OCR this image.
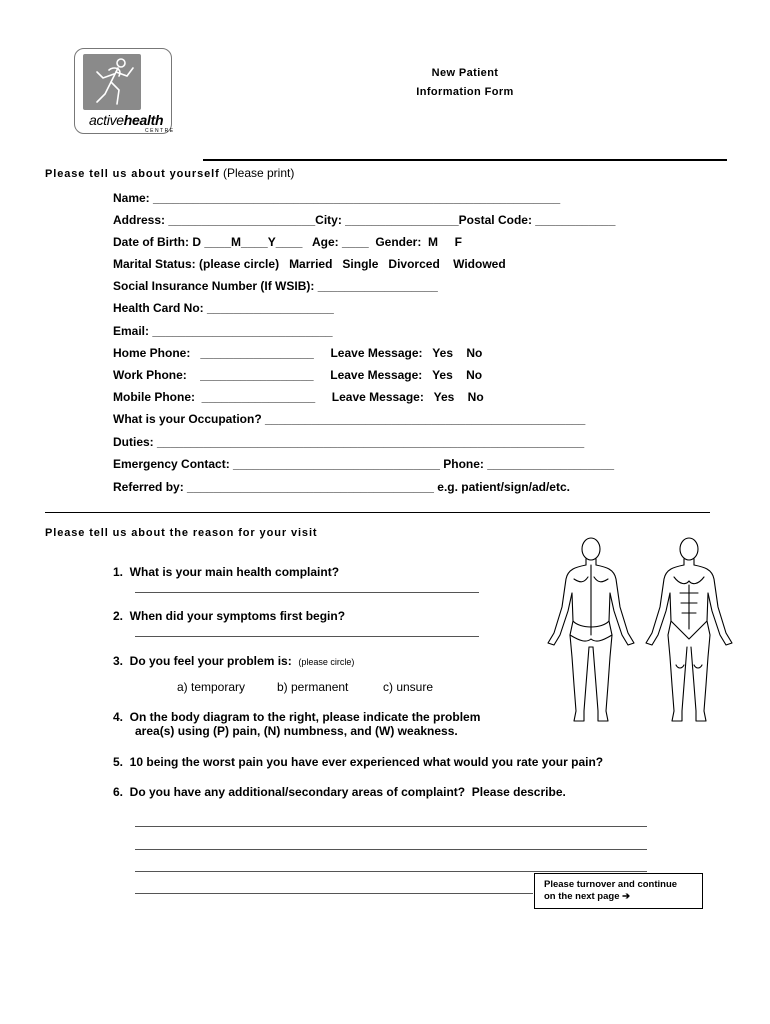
activehealth
CENTRE
New Patient
Information Form
Please tell us about yourself (Please print)
Name: _____________________________________________________________
Address: ______________________City: _________________Postal Code: ____________
Date of Birth: D ____M____Y____   Age: ____  Gender:  M     F
Marital Status: (please circle)   Married   Single   Divorced    Widowed
Social Insurance Number (If WSIB): __________________
Health Card No: ___________________
Email: ___________________________
Home Phone:   _________________     Leave Message:   Yes    No
Work Phone:    _________________     Leave Message:   Yes    No
Mobile Phone:  _________________     Leave Message:   Yes    No
What is your Occupation? ________________________________________________
Duties: ________________________________________________________________
Emergency Contact: _______________________________ Phone: ___________________
Referred by: _____________________________________ e.g. patient/sign/ad/etc.
Please tell us about the reason for your visit
1.  What is your main health complaint?
2.  When did your symptoms first begin?
3.  Do you feel your problem is: (please circle)
a) temporary	b) permanent	c) unsure
4.  On the body diagram to the right, please indicate the problem
area(s) using (P) pain, (N) numbness, and (W) weakness.
5.  10 being the worst pain you have ever experienced what would you rate your pain?
6.  Do you have any additional/secondary areas of complaint?  Please describe.
Please turnover and continue
on the next page ➔
